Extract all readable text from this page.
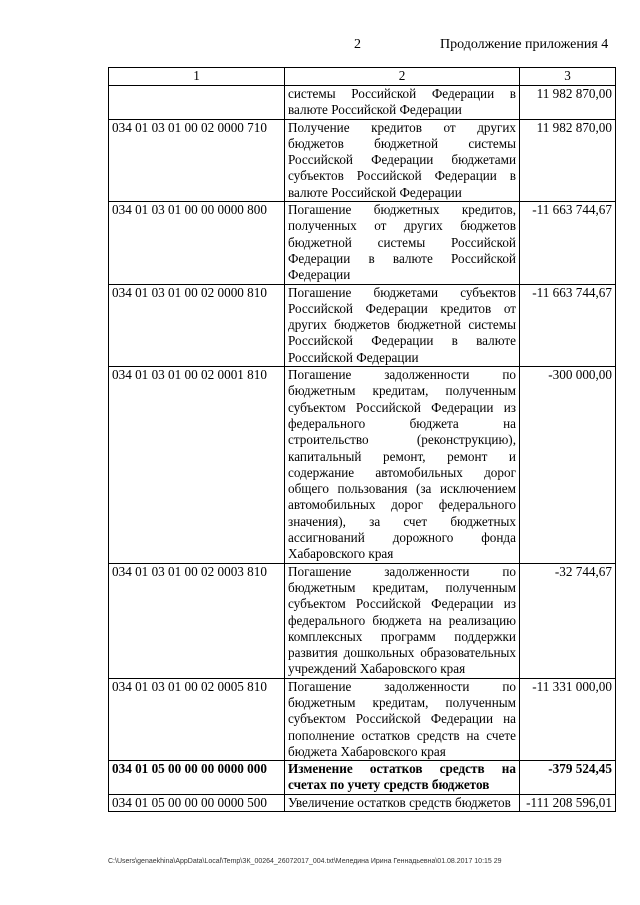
2	Продолжение приложения 4
1	2	3
	системы Российской Федерации в валюте Российской Федерации	11 982 870,00
034 01 03 01 00 02 0000 710	Получение кредитов от других бюджетов бюджетной системы Российской Федерации бюджетами субъектов Российской Федерации в валюте Российской Федерации	11 982 870,00
034 01 03 01 00 00 0000 800	Погашение бюджетных кредитов, полученных от других бюджетов бюджетной системы Российской Федерации в валюте Российской Федерации	-11 663 744,67
034 01 03 01 00 02 0000 810	Погашение бюджетами субъектов Российской Федерации кредитов от других бюджетов бюджетной системы Российской Федерации в валюте Российской Федерации	-11 663 744,67
034 01 03 01 00 02 0001 810	Погашение задолженности по бюджетным кредитам, полученным субъектом Российской Федерации из федерального бюджета на строительство (реконструкцию), капитальный ремонт, ремонт и содержание автомобильных дорог общего пользования (за исключением автомобильных дорог федерального значения), за счет бюджетных ассигнований дорожного фонда Хабаровского края	-300 000,00
034 01 03 01 00 02 0003 810	Погашение задолженности по бюджетным кредитам, полученным субъектом Российской Федерации из федерального бюджета на реализацию комплексных программ поддержки развития дошкольных образовательных учреждений Хабаровского края	-32 744,67
034 01 03 01 00 02 0005 810	Погашение задолженности по бюджетным кредитам, полученным субъектом Российской Федерации на пополнение остатков средств на счете бюджета Хабаровского края	-11 331 000,00
034 01 05 00 00 00 0000 000	Изменение остатков средств на счетах по учету средств бюджетов	-379 524,45
034 01 05 00 00 00 0000 500	Увеличение остатков средств бюджетов	-111 208 596,01
C:\Users\genaekhina\AppData\Local\Temp\ЗК_00264_26072017_004.txt\Меледина Ирина Геннадьевна\01.08.2017 10:15 29
